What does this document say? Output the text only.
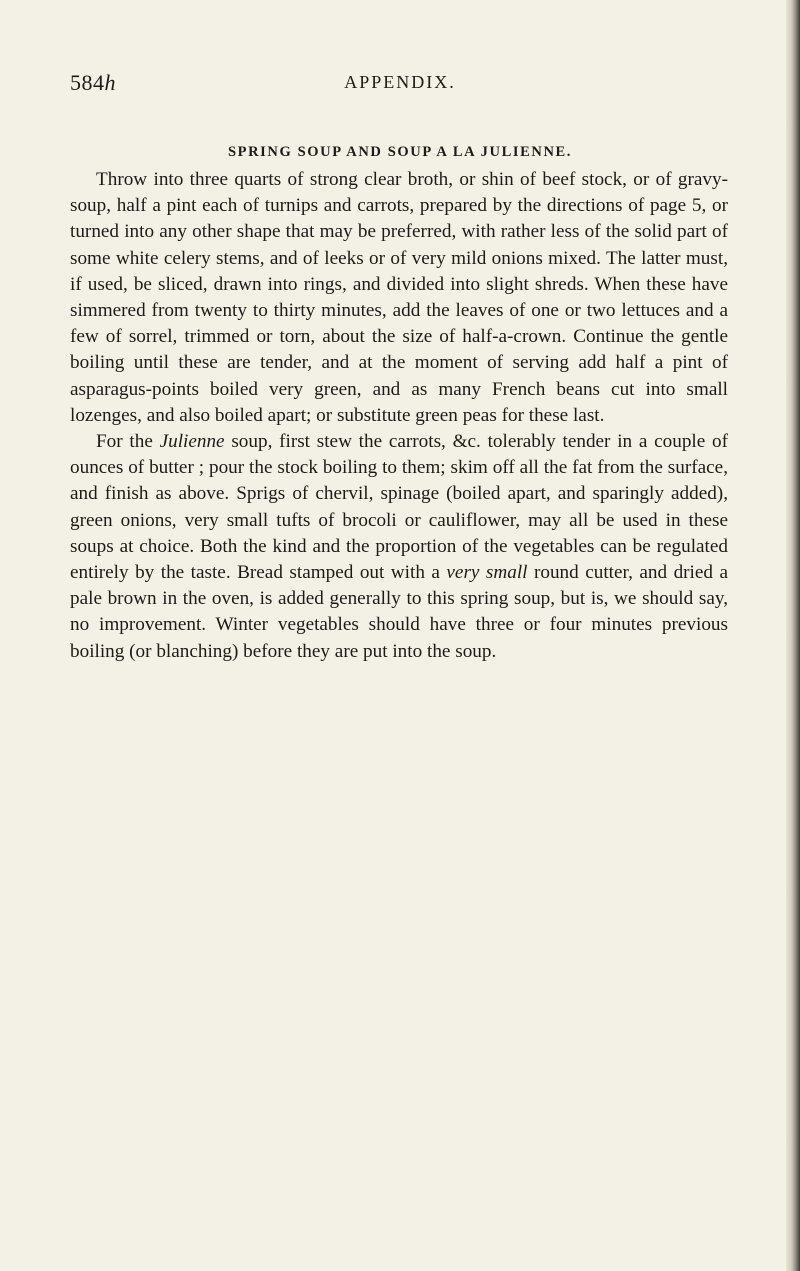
584h	APPENDIX.
SPRING SOUP AND SOUP A LA JULIENNE.

Throw into three quarts of strong clear broth, or shin of beef stock, or of gravy-soup, half a pint each of turnips and carrots, prepared by the directions of page 5, or turned into any other shape that may be preferred, with rather less of the solid part of some white celery stems, and of leeks or of very mild onions mixed. The latter must, if used, be sliced, drawn into rings, and divided into slight shreds. When these have simmered from twenty to thirty minutes, add the leaves of one or two lettuces and a few of sorrel, trimmed or torn, about the size of half-a-crown. Continue the gentle boiling until these are tender, and at the moment of serving add half a pint of asparagus-points boiled very green, and as many French beans cut into small lozenges, and also boiled apart; or substitute green peas for these last.

For the Julienne soup, first stew the carrots, &c. tolerably tender in a couple of ounces of butter ; pour the stock boiling to them; skim off all the fat from the surface, and finish as above. Sprigs of chervil, spinage (boiled apart, and sparingly added), green onions, very small tufts of brocoli or cauliflower, may all be used in these soups at choice. Both the kind and the proportion of the vegetables can be regulated entirely by the taste. Bread stamped out with a very small round cutter, and dried a pale brown in the oven, is added generally to this spring soup, but is, we should say, no improvement. Winter vegetables should have three or four minutes previous boiling (or blanching) before they are put into the soup.
